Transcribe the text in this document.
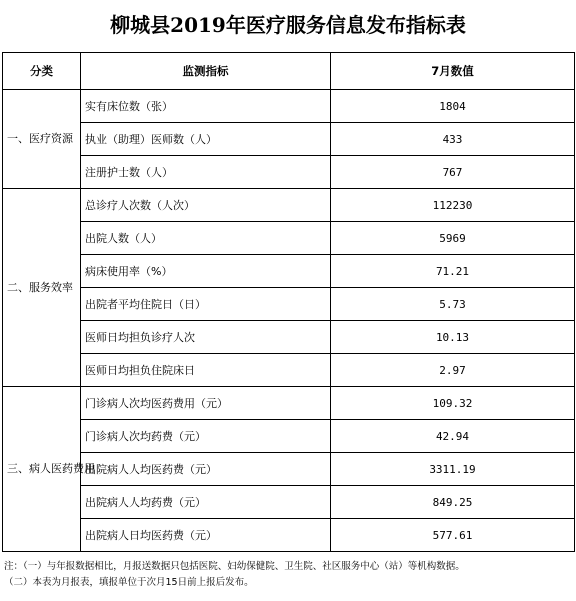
柳城县2019年医疗服务信息发布指标表
分类	监测指标	7月数值
一、医疗资源	实有床位数（张）	1804
	执业（助理）医师数（人）	433
	注册护士数（人）	767
二、服务效率	总诊疗人次数（人次）	112230
	出院人数（人）	5969
	病床使用率（%）	71.21
	出院者平均住院日（日）	5.73
	医师日均担负诊疗人次	10.13
	医师日均担负住院床日	2.97
三、病人医药费用	门诊病人次均医药费用（元）	109.32
	门诊病人次均药费（元）	42.94
	出院病人人均医药费（元）	3311.19
	出院病人人均药费（元）	849.25
	出院病人日均医药费（元）	577.61
注：（一）与年报数据相比，月报送数据只包括医院、妇幼保健院、卫生院、社区服务中心（站）等机构数据。
（二）本表为月报表，填报单位于次月15日前上报后发布。
